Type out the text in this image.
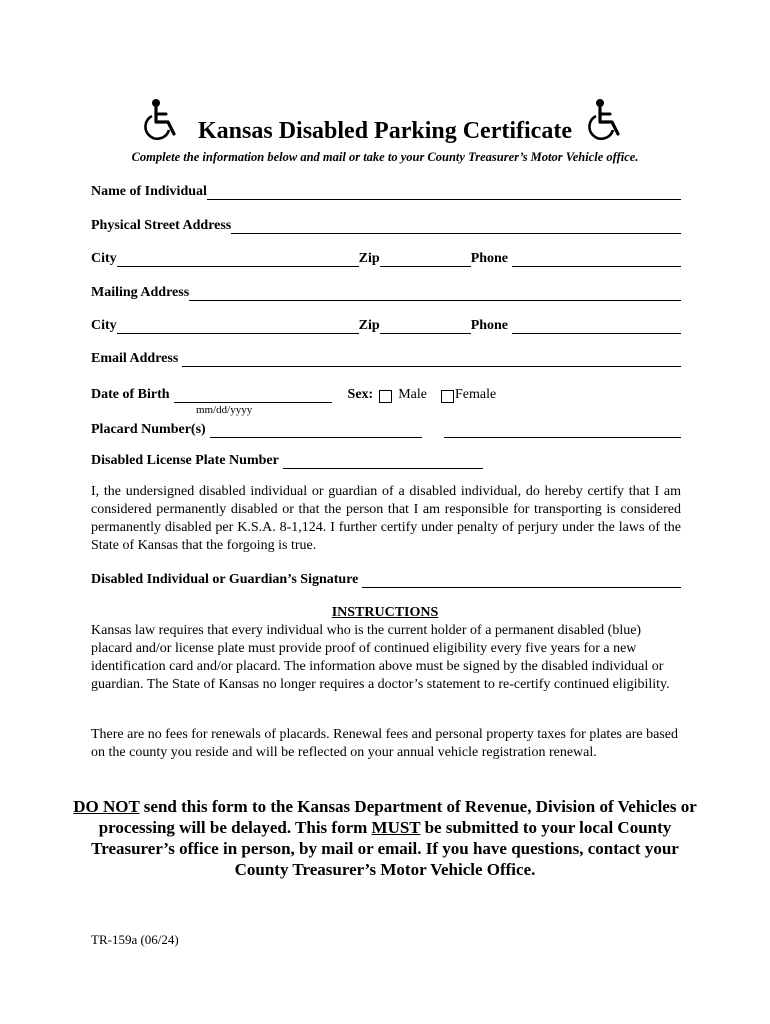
Kansas Disabled Parking Certificate
Complete the information below and mail or take to your County Treasurer’s Motor Vehicle office.
Name of Individual
Physical Street Address
City	Zip	Phone
Mailing Address
City	Zip	Phone
Email Address
Date of Birth	Sex: Male Female
mm/dd/yyyy
Placard Number(s)
Disabled License Plate Number
I, the undersigned disabled individual or guardian of a disabled individual, do hereby certify that I am considered permanently disabled or that the person that I am responsible for transporting is considered permanently disabled per K.S.A. 8-1,124. I further certify under penalty of perjury under the laws of the State of Kansas that the forgoing is true.
Disabled Individual or Guardian’s Signature
INSTRUCTIONS
Kansas law requires that every individual who is the current holder of a permanent disabled (blue) placard and/or license plate must provide proof of continued eligibility every five years for a new identification card and/or placard. The information above must be signed by the disabled individual or guardian. The State of Kansas no longer requires a doctor’s statement to re-certify continued eligibility.
There are no fees for renewals of placards. Renewal fees and personal property taxes for plates are based on the county you reside and will be reflected on your annual vehicle registration renewal.
DO NOT send this form to the Kansas Department of Revenue, Division of Vehicles or processing will be delayed. This form MUST be submitted to your local County Treasurer’s office in person, by mail or email. If you have questions, contact your County Treasurer’s Motor Vehicle Office.
TR-159a (06/24)
